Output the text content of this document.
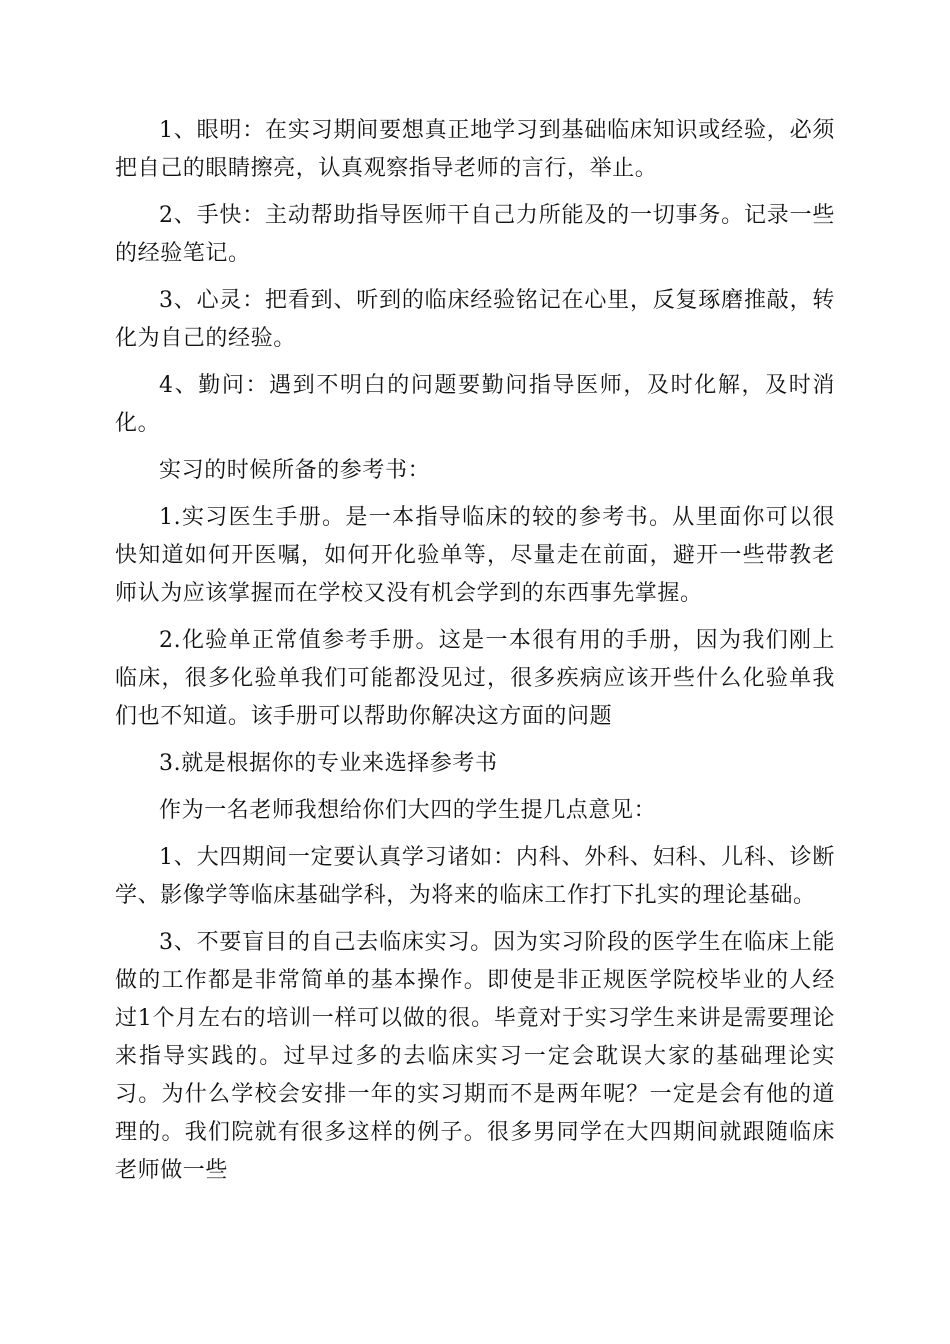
1、眼明：在实习期间要想真正地学习到基础临床知识或经验，必须把自己的眼睛擦亮，认真观察指导老师的言行，举止。

2、手快：主动帮助指导医师干自己力所能及的一切事务。记录一些的经验笔记。

3、心灵：把看到、听到的临床经验铭记在心里，反复琢磨推敲，转化为自己的经验。

4、勤问：遇到不明白的问题要勤问指导医师，及时化解，及时消化。

实习的时候所备的参考书：

1.实习医生手册。是一本指导临床的较的参考书。从里面你可以很快知道如何开医嘱，如何开化验单等，尽量走在前面，避开一些带教老师认为应该掌握而在学校又没有机会学到的东西事先掌握。

2.化验单正常值参考手册。这是一本很有用的手册，因为我们刚上临床，很多化验单我们可能都没见过，很多疾病应该开些什么化验单我们也不知道。该手册可以帮助你解决这方面的问题

3.就是根据你的专业来选择参考书

作为一名老师我想给你们大四的学生提几点意见：

1、大四期间一定要认真学习诸如：内科、外科、妇科、儿科、诊断学、影像学等临床基础学科，为将来的临床工作打下扎实的理论基础。

3、不要盲目的自己去临床实习。因为实习阶段的医学生在临床上能做的工作都是非常简单的基本操作。即使是非正规医学院校毕业的人经过1个月左右的培训一样可以做的很。毕竟对于实习学生来讲是需要理论来指导实践的。过早过多的去临床实习一定会耽误大家的基础理论实习。为什么学校会安排一年的实习期而不是两年呢？一定是会有他的道理的。我们院就有很多这样的例子。很多男同学在大四期间就跟随临床老师做一些
